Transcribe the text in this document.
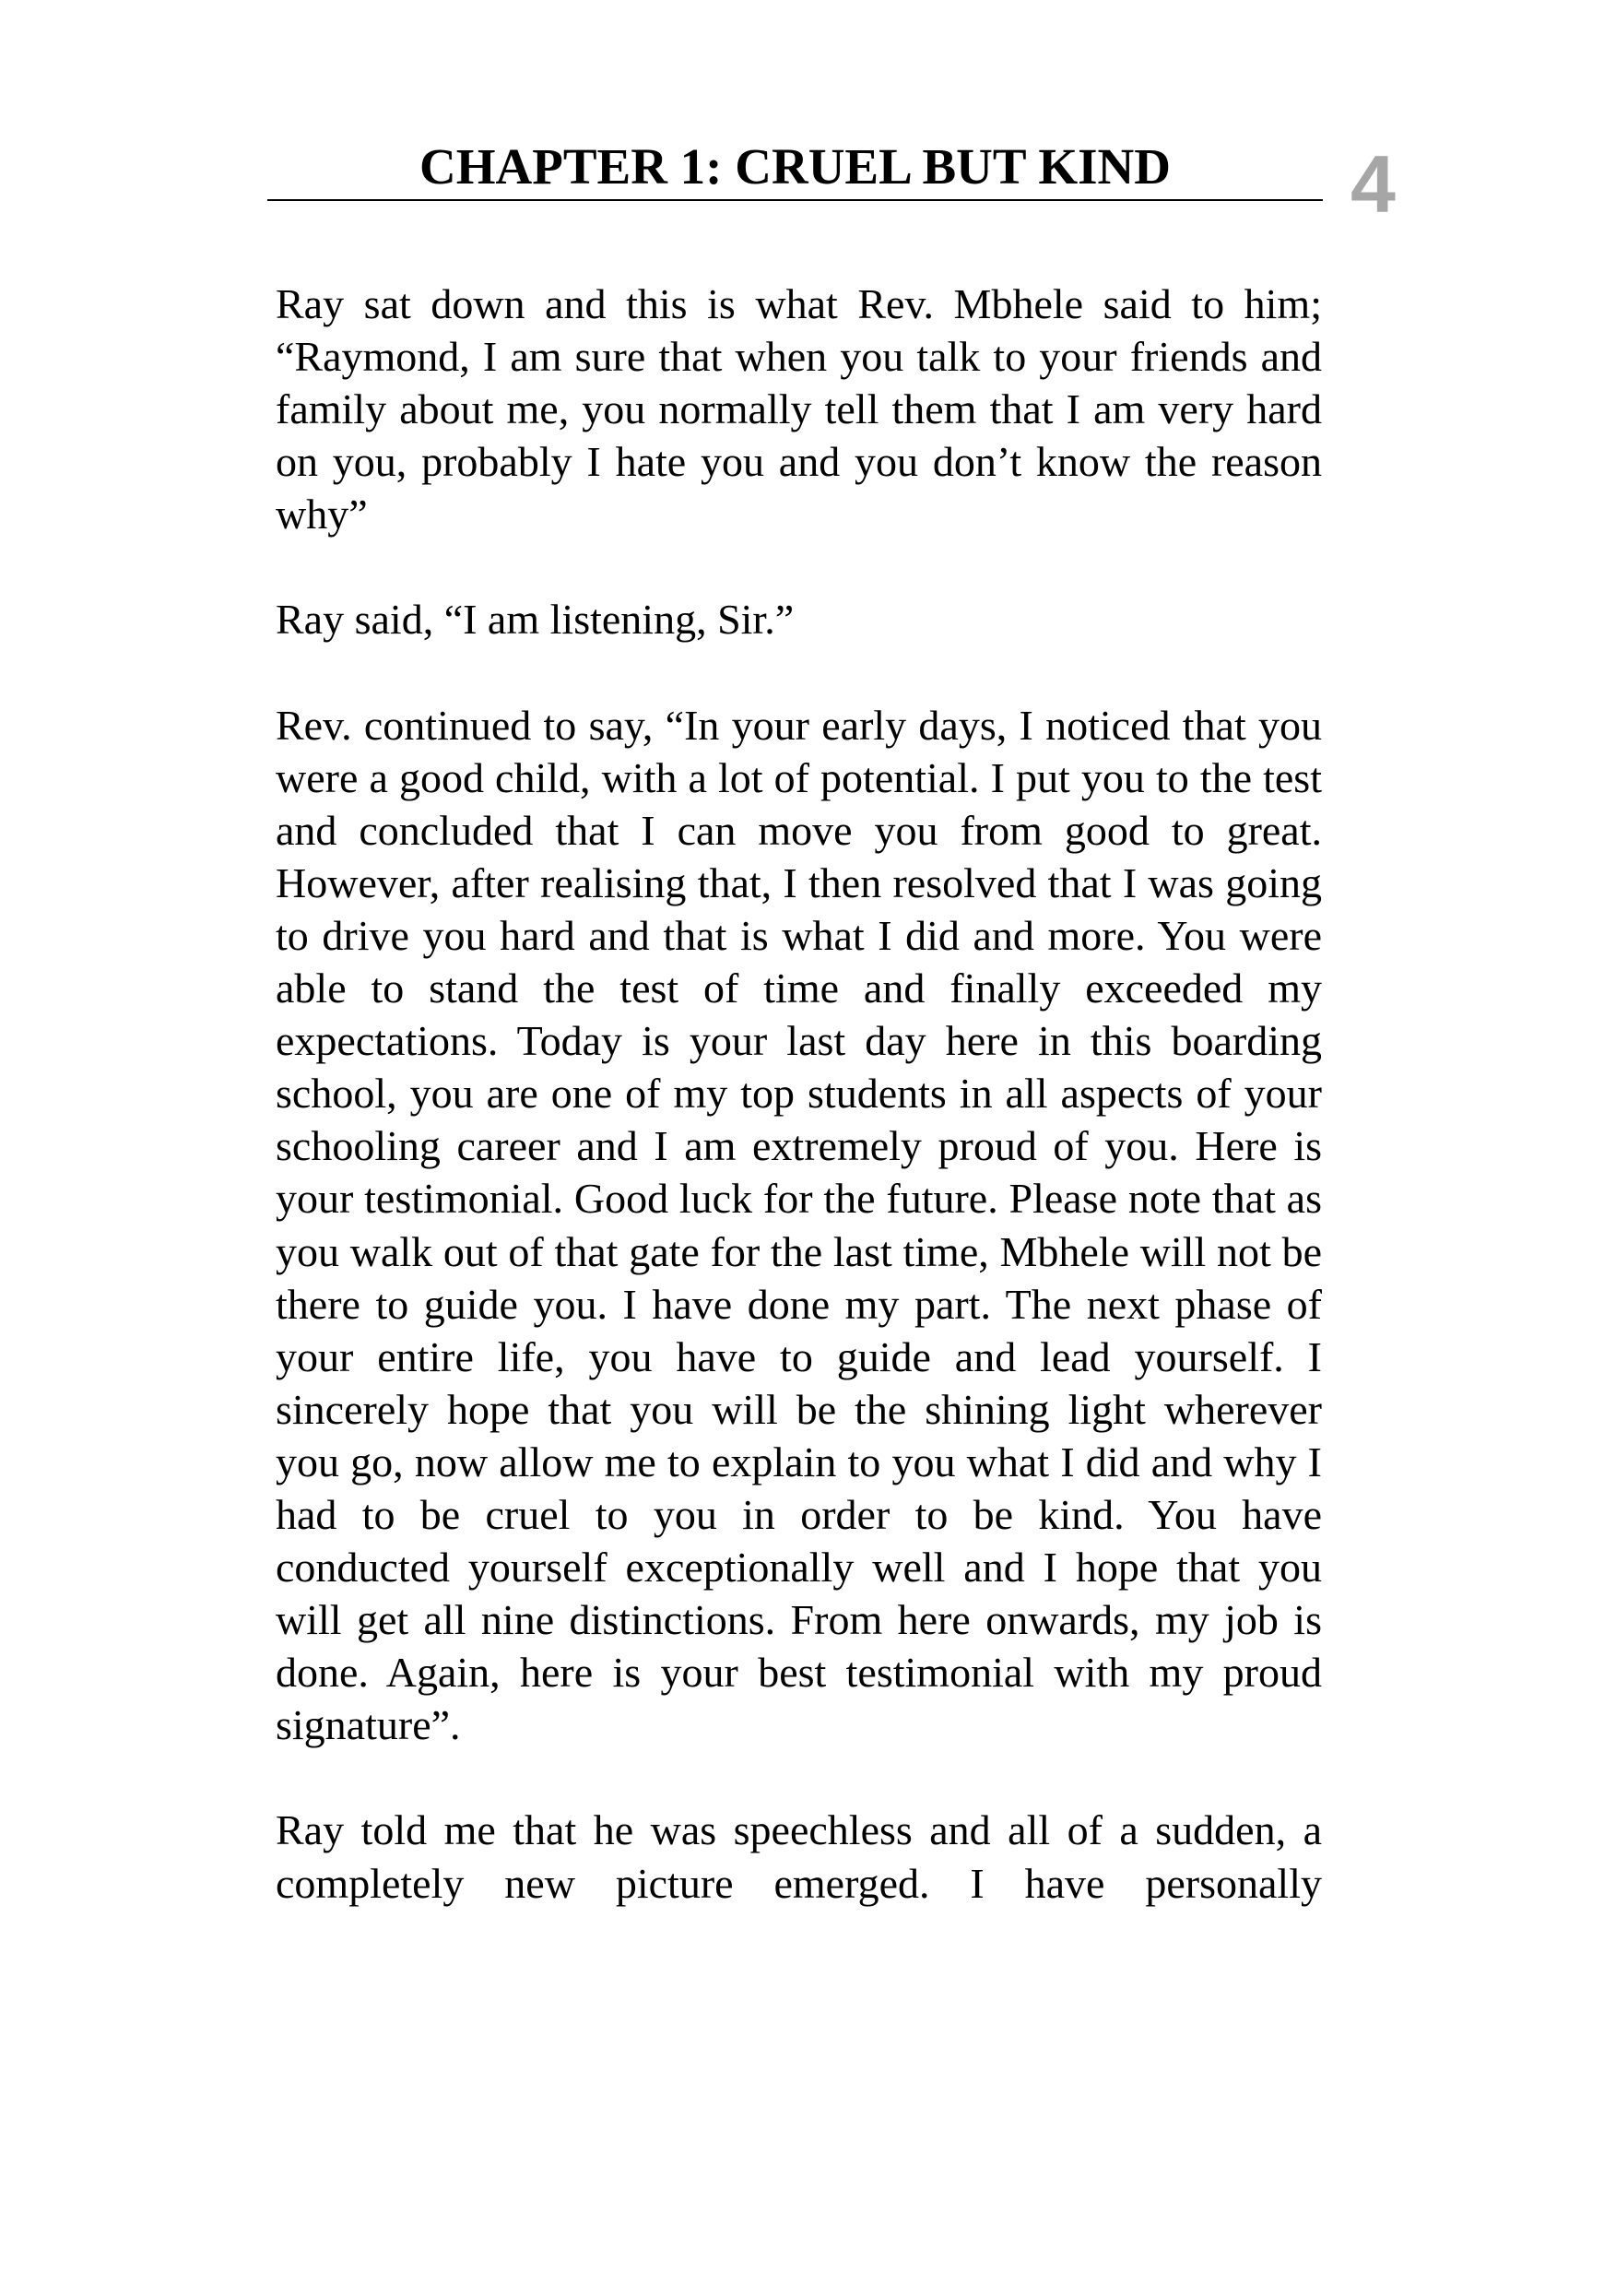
CHAPTER 1: CRUEL BUT KIND	4

Ray sat down and this is what Rev. Mbhele said to him; “Raymond, I am sure that when you talk to your friends and family about me, you normally tell them that I am very hard on you, probably I hate you and you don’t know the reason why”

Ray said, “I am listening, Sir.”

Rev. continued to say, “In your early days, I noticed that you were a good child, with a lot of potential. I put you to the test and concluded that I can move you from good to great. However, after realising that, I then resolved that I was going to drive you hard and that is what I did and more. You were able to stand the test of time and finally exceeded my expectations. Today is your last day here in this boarding school, you are one of my top students in all aspects of your schooling career and I am extremely proud of you. Here is your testimonial. Good luck for the future. Please note that as you walk out of that gate for the last time, Mbhele will not be there to guide you. I have done my part. The next phase of your entire life, you have to guide and lead yourself. I sincerely hope that you will be the shining light wherever you go, now allow me to explain to you what I did and why I had to be cruel to you in order to be kind. You have conducted yourself exceptionally well and I hope that you will get all nine distinctions. From here onwards, my job is done. Again, here is your best testimonial with my proud signature”.

Ray told me that he was speechless and all of a sudden, a completely new picture emerged. I have personally
